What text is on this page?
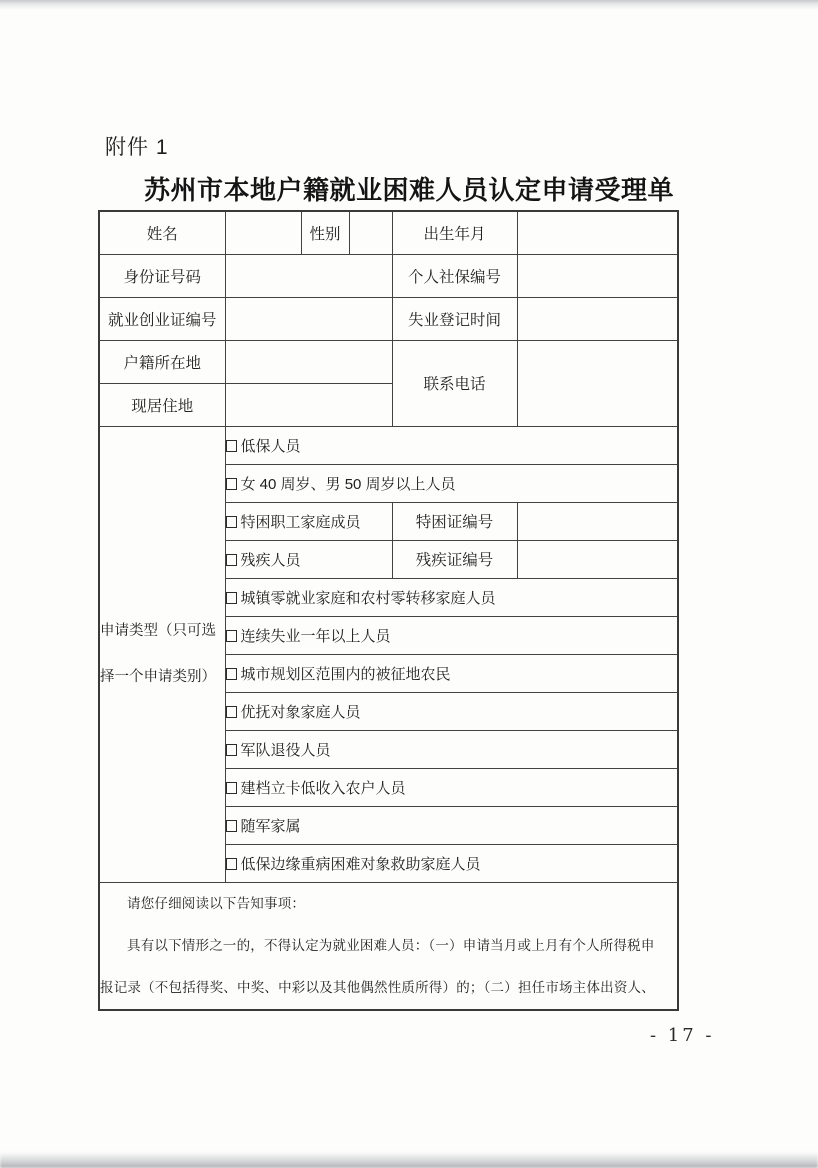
附件 1
苏州市本地户籍就业困难人员认定申请受理单
姓名		性别		出生年月	
身份证号码				个人社保编号	
就业创业证编号				失业登记时间	
户籍所在地				联系电话	
现居住地					

申请类型（只可选
择一个申请类别）	低保人员				
	女 40 周岁、男 50 周岁以上人员				
	特困职工家庭成员			特困证编号	
	残疾人员			残疾证编号	
	城镇零就业家庭和农村零转移家庭人员				
	连续失业一年以上人员				
	城市规划区范围内的被征地农民				
	优抚对象家庭人员				
	军队退役人员				
	建档立卡低收入农户人员				
	随军家属				
	低保边缘重病困难对象救助家庭人员				

请您仔细阅读以下告知事项：
具有以下情形之一的，不得认定为就业困难人员：（一）申请当月或上月有个人所得税申
报记录（不包括得奖、中奖、中彩以及其他偶然性质所得）的；（二）担任市场主体出资人、					
- 17 -
